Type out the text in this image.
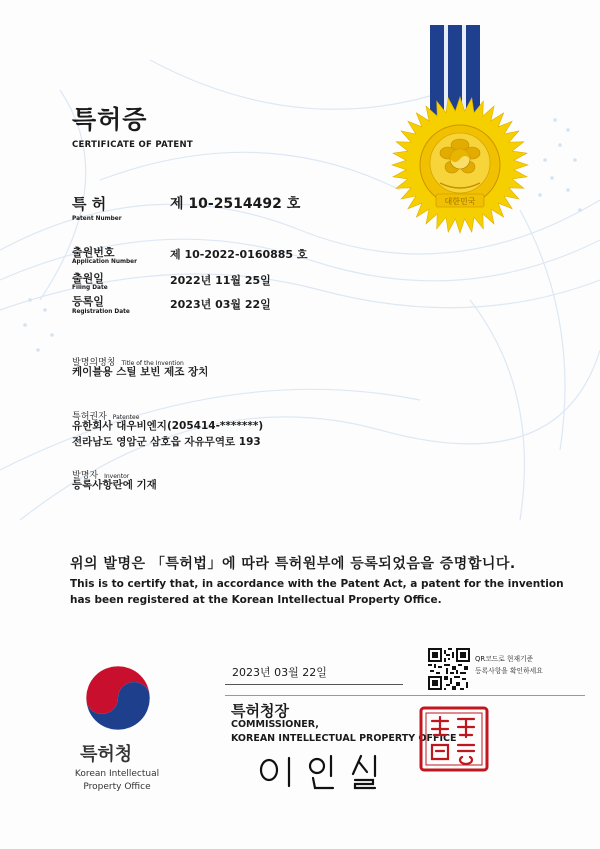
대한민국
특허증
CERTIFICATE OF PATENT
특 허
Patent Number
제 10-2514492 호
출원번호
Application Number
제 10-2022-0160885 호
출원일
Filing Date
2022년 11월 25일
등록일
Registration Date
2023년 03월 22일
발명의명칭 Title of the Invention
케이블용 스틸 보빈 제조 장치
특허권자 Patentee
유한회사 대우비엔지(205414-*******)
전라남도 영암군 삼호읍 자유무역로 193
발명자 Inventor
등록사항란에 기재
위의 발명은 「특허법」에 따라 특허원부에 등록되었음을 증명합니다.
This is to certify that, in accordance with the Patent Act, a patent for the invention
has been registered at the Korean Intellectual Property Office.
특허청
Korean Intellectual
Property Office
2023년 03월 22일
QR코드로 현재기준
등록사항을 확인하세요
특허청장
COMMISSIONER,
KOREAN INTELLECTUAL PROPERTY OFFICE
